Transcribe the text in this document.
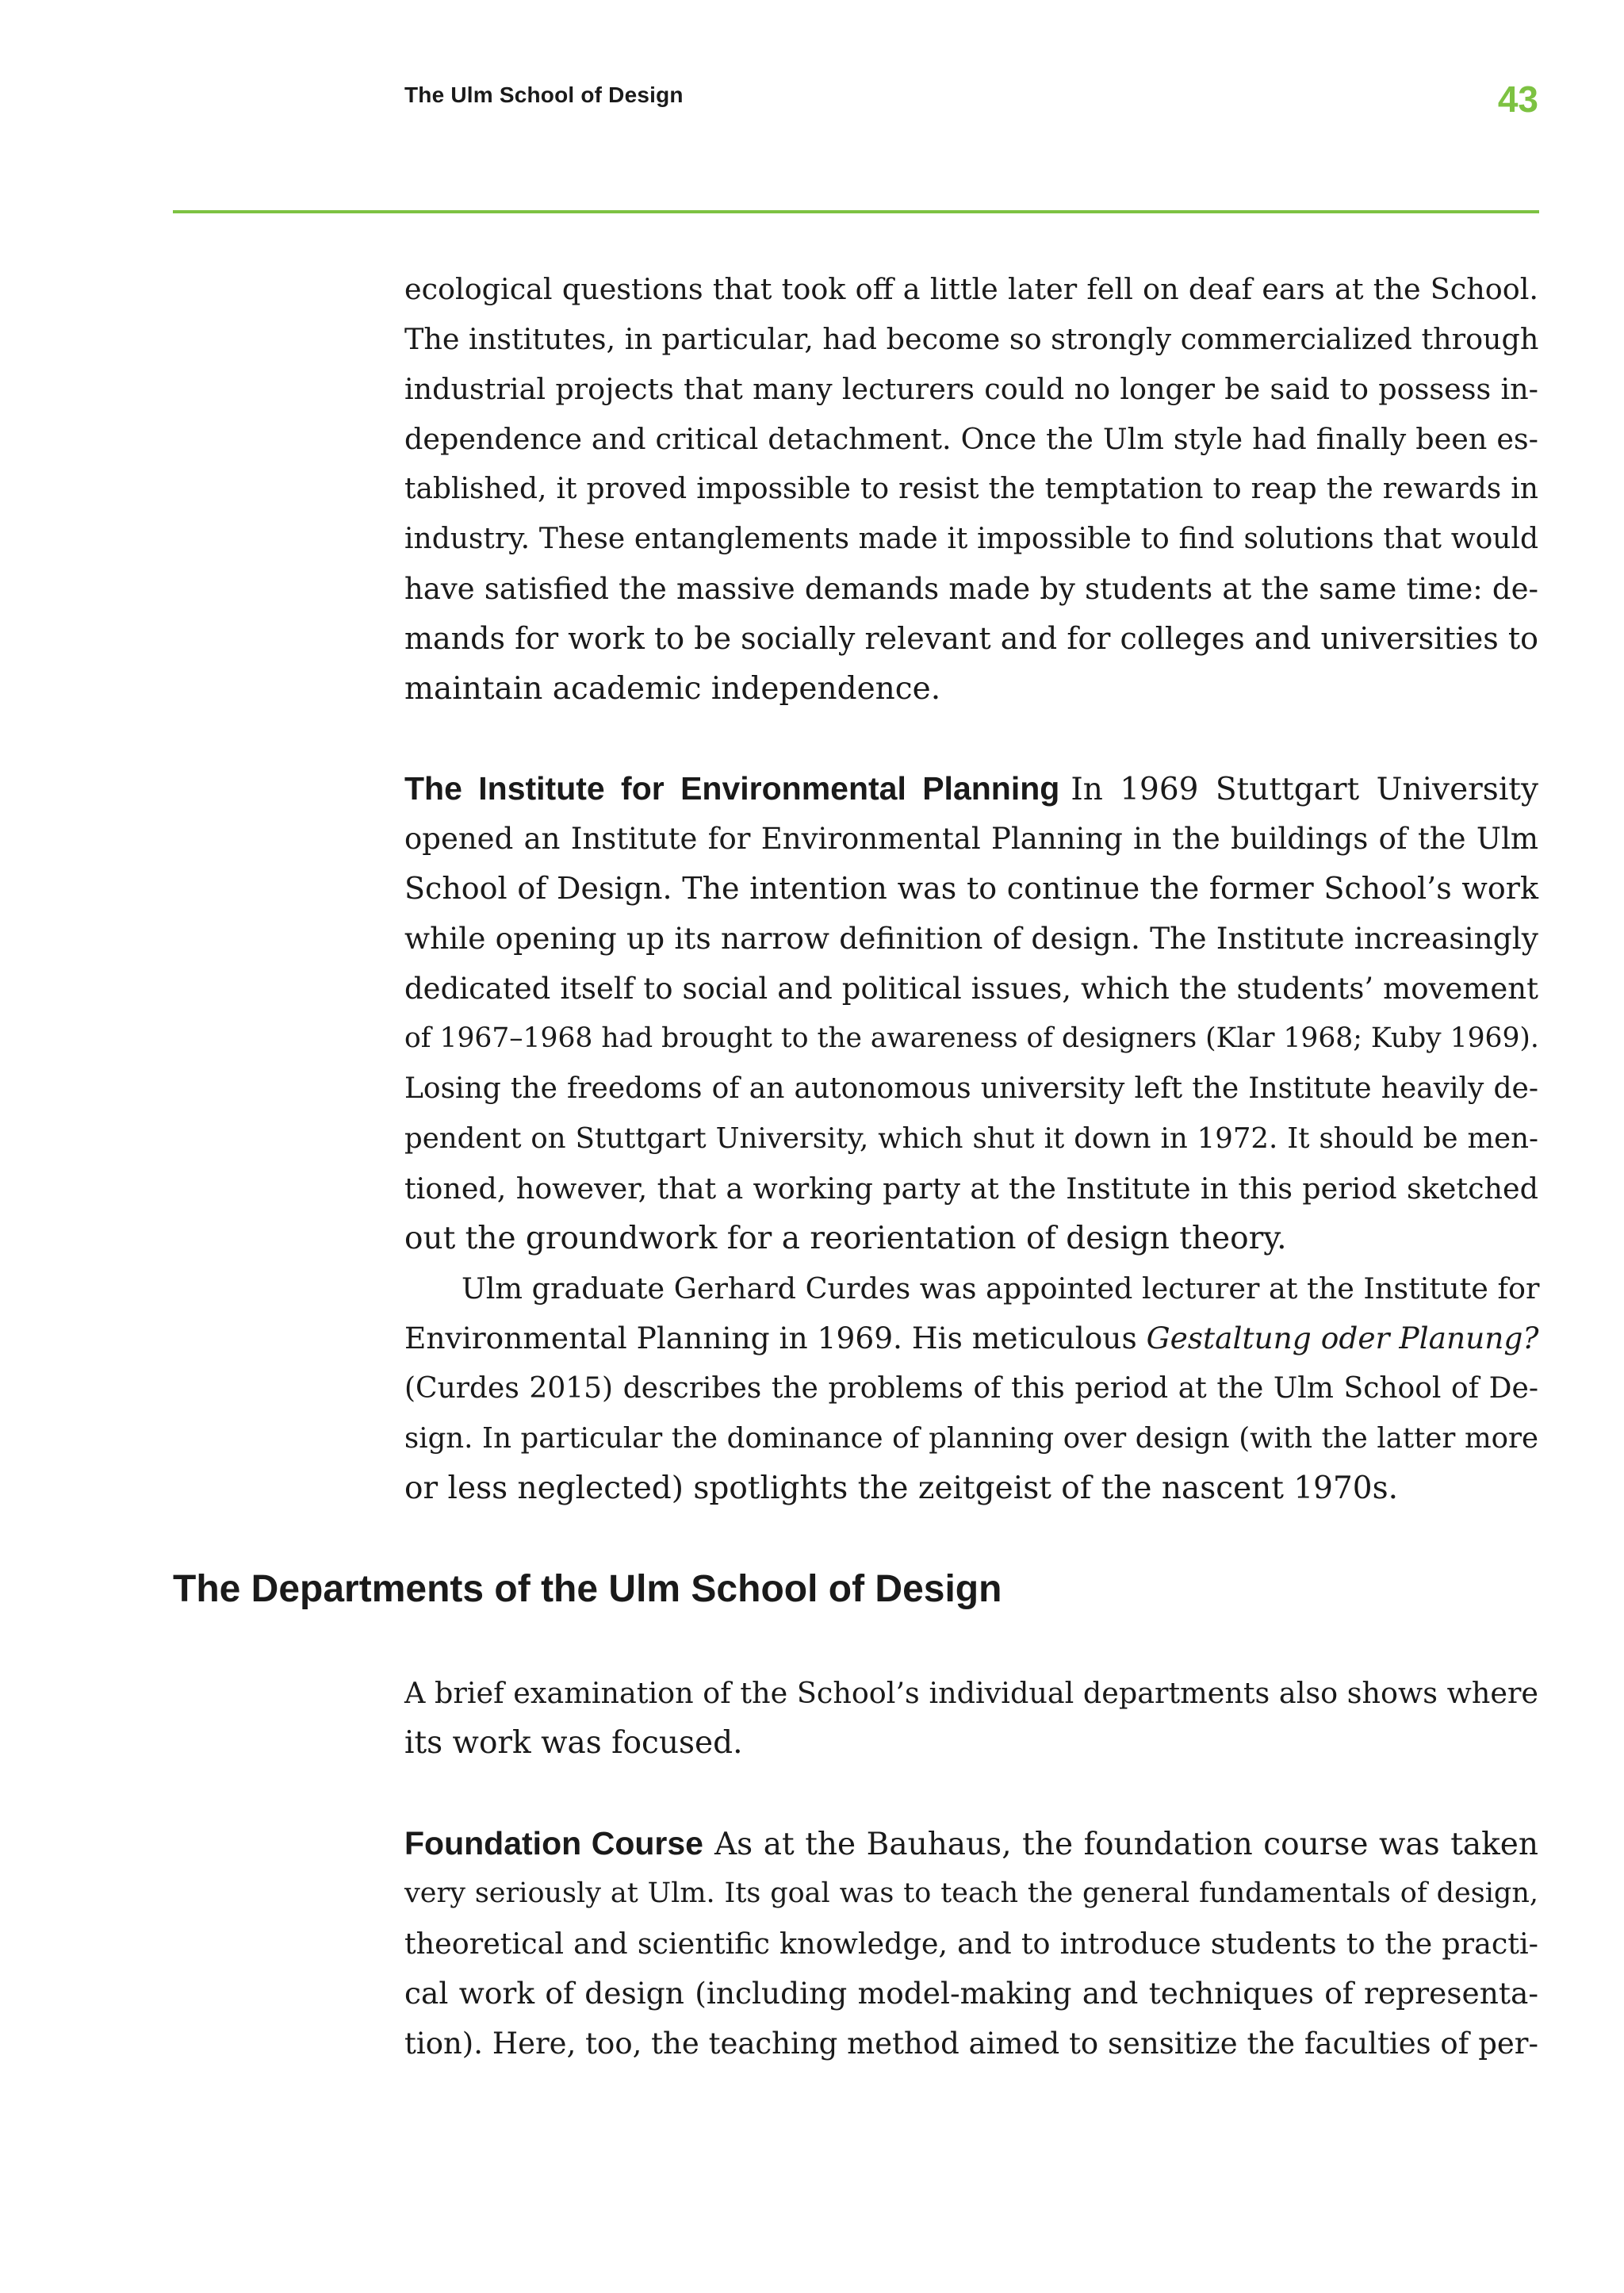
The Ulm School of Design	43
ecological questions that took off a little later fell on deaf ears at the School.
The institutes, in particular, had become so strongly commercialized through
industrial projects that many lecturers could no longer be said to possess in-
dependence and critical detachment. Once the Ulm style had finally been es-
tablished, it proved impossible to resist the temptation to reap the rewards in
industry. These entanglements made it impossible to find solutions that would
have satisfied the massive demands made by students at the same time: de-
mands for work to be socially relevant and for colleges and universities to
maintain academic independence.
The Institute for Environmental Planning In 1969 Stuttgart University
opened an Institute for Environmental Planning in the buildings of the Ulm
School of Design. The intention was to continue the former School’s work
while opening up its narrow definition of design. The Institute increasingly
dedicated itself to social and political issues, which the students’ movement
of 1967–1968 had brought to the awareness of designers (Klar 1968; Kuby 1969).
Losing the freedoms of an autonomous university left the Institute heavily de-
pendent on Stuttgart University, which shut it down in 1972. It should be men-
tioned, however, that a working party at the Institute in this period sketched
out the groundwork for a reorientation of design theory.
Ulm graduate Gerhard Curdes was appointed lecturer at the Institute for
Environmental Planning in 1969. His meticulous Gestaltung oder Planung?
(Curdes 2015) describes the problems of this period at the Ulm School of De-
sign. In particular the dominance of planning over design (with the latter more
or less neglected) spotlights the zeitgeist of the nascent 1970s.
The Departments of the Ulm School of Design
A brief examination of the School’s individual departments also shows where
its work was focused.
Foundation Course As at the Bauhaus, the foundation course was taken
very seriously at Ulm. Its goal was to teach the general fundamentals of design,
theoretical and scientific knowledge, and to introduce students to the practi-
cal work of design (including model-making and techniques of representa-
tion). Here, too, the teaching method aimed to sensitize the faculties of per-
